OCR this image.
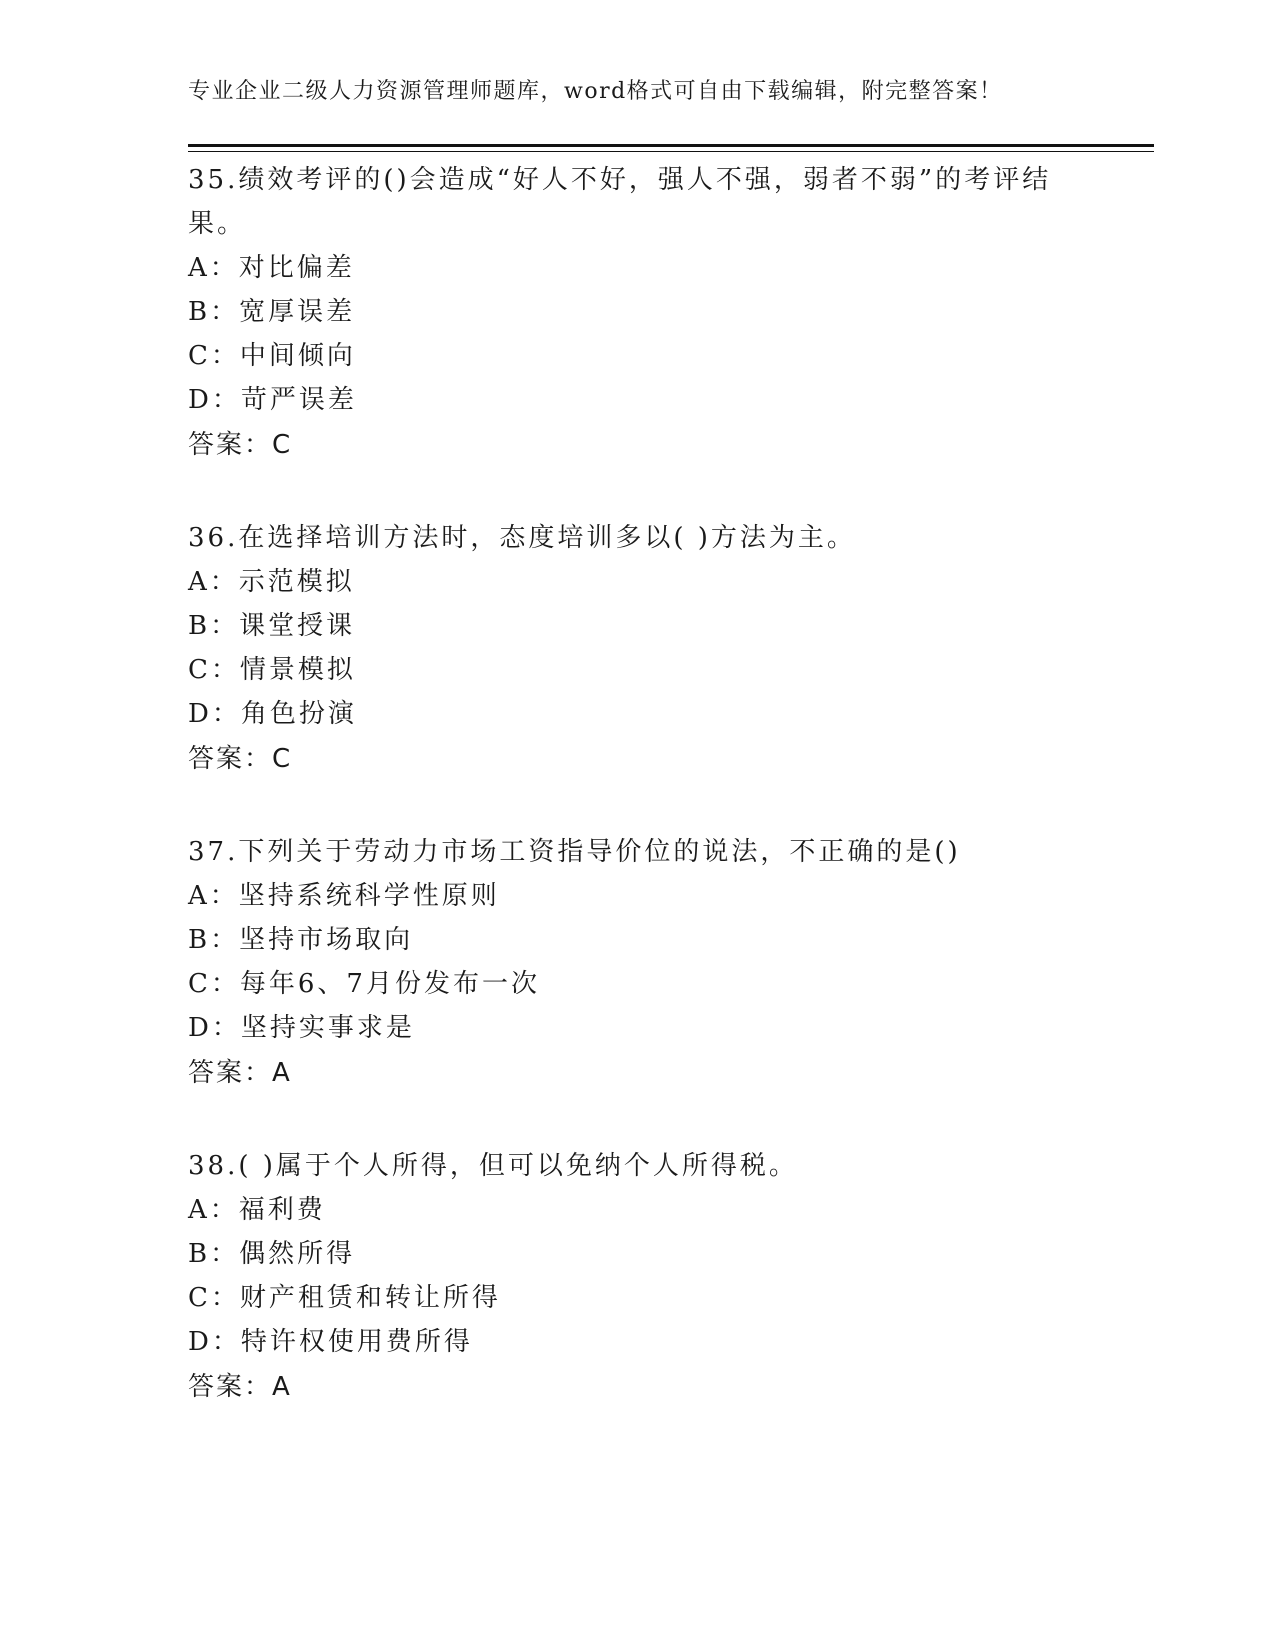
专业企业二级人力资源管理师题库，word格式可自由下载编辑，附完整答案！

35.绩效考评的()会造成“好人不好，强人不强，弱者不弱”的考评结果。

A：对比偏差

B：宽厚误差

C：中间倾向

D：苛严误差

答案：C

36.在选择培训方法时，态度培训多以( )方法为主。

A：示范模拟

B：课堂授课

C：情景模拟

D：角色扮演

答案：C

37.下列关于劳动力市场工资指导价位的说法，不正确的是()

A：坚持系统科学性原则

B：坚持市场取向

C：每年6、7月份发布一次

D：坚持实事求是

答案：A

38.( )属于个人所得，但可以免纳个人所得税。

A：福利费

B：偶然所得

C：财产租赁和转让所得

D：特许权使用费所得

答案：A
